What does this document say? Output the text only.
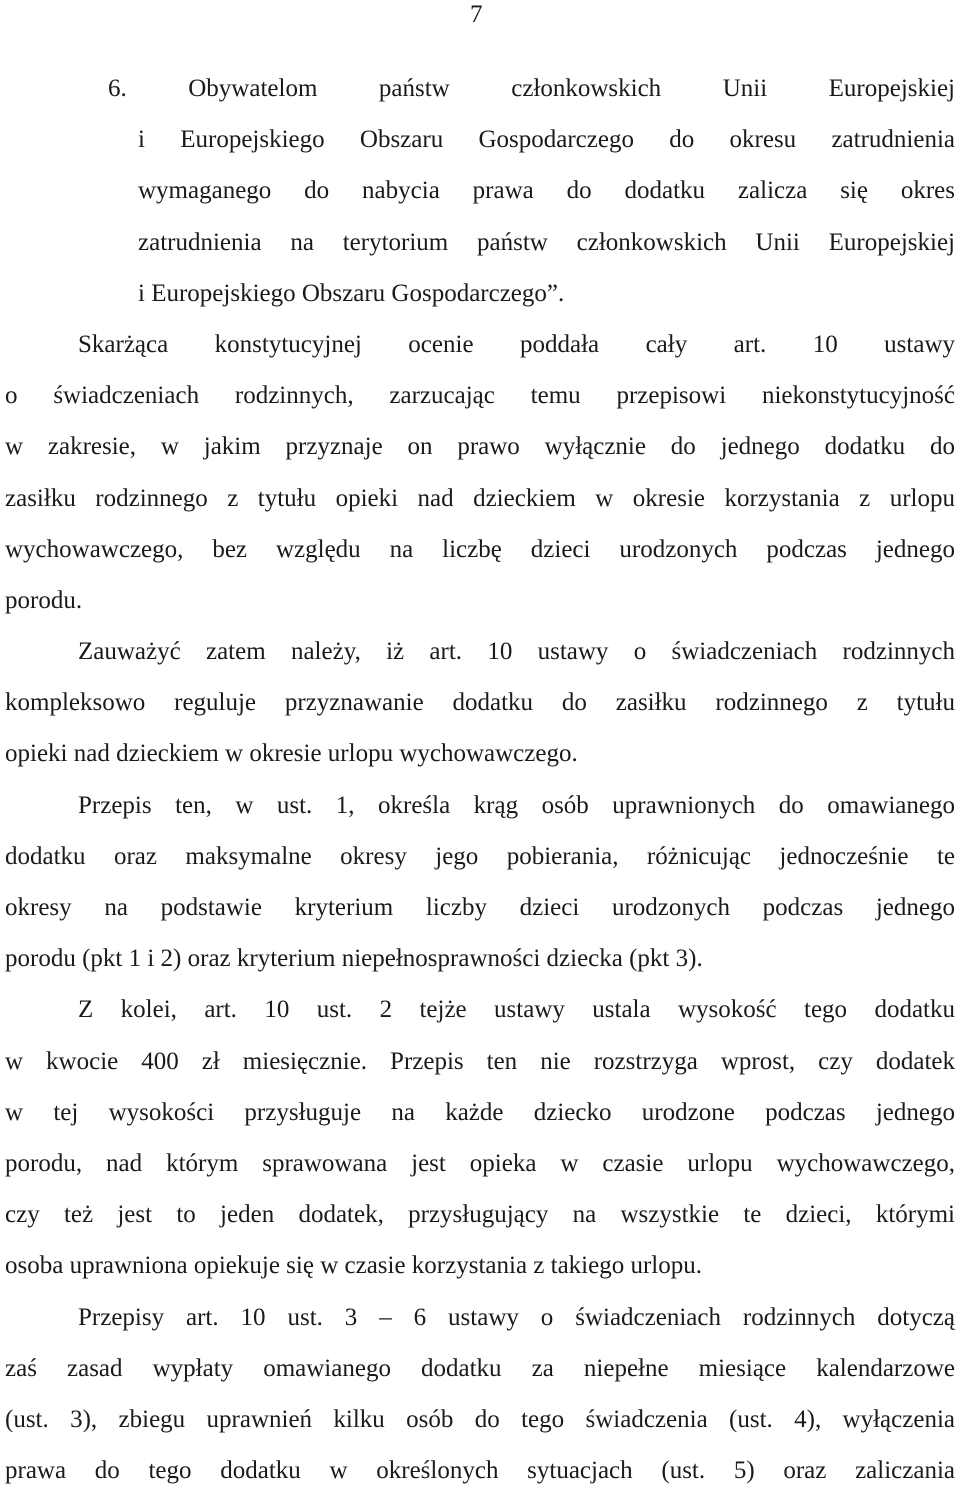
7
6. Obywatelom państw członkowskich Unii Europejskiej
i Europejskiego Obszaru Gospodarczego do okresu zatrudnienia
wymaganego do nabycia prawa do dodatku zalicza się okres
zatrudnienia na terytorium państw członkowskich Unii Europejskiej
i Europejskiego Obszaru Gospodarczego”.
Skarżąca konstytucyjnej ocenie poddała cały art. 10 ustawy
o świadczeniach rodzinnych, zarzucając temu przepisowi niekonstytucyjność
w zakresie, w jakim przyznaje on prawo wyłącznie do jednego dodatku do
zasiłku rodzinnego z tytułu opieki nad dzieckiem w okresie korzystania z urlopu
wychowawczego, bez względu na liczbę dzieci urodzonych podczas jednego
porodu.
Zauważyć zatem należy, iż art. 10 ustawy o świadczeniach rodzinnych
kompleksowo reguluje przyznawanie dodatku do zasiłku rodzinnego z tytułu
opieki nad dzieckiem w okresie urlopu wychowawczego.
Przepis ten, w ust. 1, określa krąg osób uprawnionych do omawianego
dodatku oraz maksymalne okresy jego pobierania, różnicując jednocześnie te
okresy na podstawie kryterium liczby dzieci urodzonych podczas jednego
porodu (pkt 1 i 2) oraz kryterium niepełnosprawności dziecka (pkt 3).
Z kolei, art. 10 ust. 2 tejże ustawy ustala wysokość tego dodatku
w kwocie 400 zł miesięcznie. Przepis ten nie rozstrzyga wprost, czy dodatek
w tej wysokości przysługuje na każde dziecko urodzone podczas jednego
porodu, nad którym sprawowana jest opieka w czasie urlopu wychowawczego,
czy też jest to jeden dodatek, przysługujący na wszystkie te dzieci, którymi
osoba uprawniona opiekuje się w czasie korzystania z takiego urlopu.
Przepisy art. 10 ust. 3 – 6 ustawy o świadczeniach rodzinnych dotyczą
zaś zasad wypłaty omawianego dodatku za niepełne miesiące kalendarzowe
(ust. 3), zbiegu uprawnień kilku osób do tego świadczenia (ust. 4), wyłączenia
prawa do tego dodatku w określonych sytuacjach (ust. 5) oraz zaliczania
